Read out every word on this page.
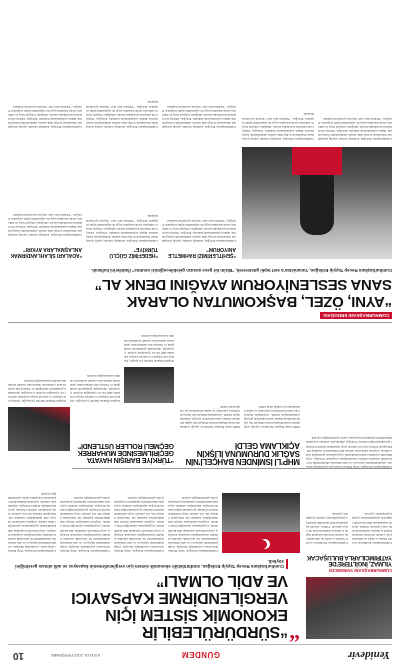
Yenidevir
GÜNDEM
8 EYLÜL 2022 PERŞEMBE
10
CUMHURBAŞKANI YARDIMCISI
YILMAZ, İNGİLTERE’DE YATIRIMCILARLA BULUŞACAK
Cumhurbaşkanı Yardımcısı Cevdet Yılmaz, Londra’da düzenlenecek yatırım zirvesine katılarak İngiliz iş dünyası temsilcileriyle bir araya gelecek. Yılmaz, ziyareti kapsamında ikili ekonomik ilişkilerin geliştirilmesine yönelik görüşmeler yapacak.
Cumhurbaşkanı Yardımcısı Cevdet Yılmaz, Londra’da düzenlenecek yatırım zirvesine katılarak İngiliz iş dünyası temsilcileriyle bir araya gelecek. Yılmaz, ziyareti kapsamında ikili ekonomik ilişkilerin geliştirilmesine yönelik görüşmeler yapacak.
“
“SÜRDÜRÜLEBİLİR
EKONOMİK SİSTEM İÇİN
VERGİLENDİRME KAPSAYICI
VE ADİL OLMALI”
Cumhurbaşkanı Recep Tayyip Erdoğan, sürdürülebilir ekonomik sistem için vergilendirmenin kapsayıcı ve adil olması gerektiğini söyledi.
Cumhurbaşkanı Erdoğan, Vergi Haftası dolayısıyla yayımladığı mesajda, vergilendirmenin kapsayıcı ve adil olmasının sürdürülebilir bir ekonomik sistemin temelini oluşturduğunu vurguladı. Erdoğan, vergi bilincinin toplumun tüm kesimlerinde yaygınlaşması gerektiğini ifade ederek, vergisini zamanında ödeyen tüm mükelleflere teşekkür etti. Mesajında Türkiye’nin son yıllarda vergi sisteminde önemli reformlar gerçekleştirdiğini belirten Erdoğan, dijitalleşme adımları sayesinde mükelleflerin işlemlerini kolaylıkla yerine getirebildiğini söyledi.
Cumhurbaşkanı Erdoğan, Vergi Haftası dolayısıyla yayımladığı mesajda, vergilendirmenin kapsayıcı ve adil olmasının sürdürülebilir bir ekonomik sistemin temelini oluşturduğunu vurguladı. Erdoğan, vergi bilincinin toplumun tüm kesimlerinde yaygınlaşması gerektiğini ifade ederek, vergisini zamanında ödeyen tüm mükelleflere teşekkür etti. Mesajında Türkiye’nin son yıllarda vergi sisteminde önemli reformlar gerçekleştirdiğini belirten Erdoğan, dijitalleşme adımları sayesinde mükelleflerin işlemlerini kolaylıkla yerine getirebildiğini söyledi.
Cumhurbaşkanı Erdoğan, Vergi Haftası dolayısıyla yayımladığı mesajda, vergilendirmenin kapsayıcı ve adil olmasının sürdürülebilir bir ekonomik sistemin temelini oluşturduğunu vurguladı. Erdoğan, vergi bilincinin toplumun tüm kesimlerinde yaygınlaşması gerektiğini ifade ederek, vergisini zamanında ödeyen tüm mükelleflere teşekkür etti. Mesajında Türkiye’nin son yıllarda vergi sisteminde önemli reformlar gerçekleştirdiğini belirten Erdoğan, dijitalleşme adımları sayesinde mükelleflerin işlemlerini kolaylıkla yerine getirebildiğini söyledi.
Cumhurbaşkanı Erdoğan, Vergi Haftası dolayısıyla yayımladığı mesajda, vergilendirmenin kapsayıcı ve adil olmasının sürdürülebilir bir ekonomik sistemin temelini oluşturduğunu vurguladı. Erdoğan, vergi bilincinin toplumun tüm kesimlerinde yaygınlaşması gerektiğini ifade ederek, vergisini zamanında ödeyen tüm mükelleflere teşekkür etti. Mesajında Türkiye’nin son yıllarda vergi sisteminde önemli reformlar gerçekleştirdiğini belirten Erdoğan, dijitalleşme adımları sayesinde mükelleflerin işlemlerini kolaylıkla yerine getirebildiğini söyledi.
MHP’Lİ İSMİNDEN BAHÇELİ’NİN SAĞLIK DURUMUNA İLİŞKİN AÇIKLAMA GELDİ
MHP Genel Başkan Yardımcısı yaptığı açıklamada Genel Başkan Devlet Bahçeli’nin sağlık durumuna ilişkin çıkan haberlerin gerçeği yansıtmadığını belirtti. Açıklamada Bahçeli’nin rutin kontrollerini yaptırdığı ve sağlık durumunun iyi olduğu ifade edildi.
MHP Genel Başkan Yardımcısı yaptığı açıklamada Genel Başkan Devlet Bahçeli’nin sağlık durumuna ilişkin çıkan haberlerin gerçeği yansıtmadığını belirtti. Açıklamada Bahçeli’nin rutin kontrollerini yaptırdığı ve sağlık durumunun iyi olduğu ifade edildi.
Cumhurbaşkanı Erdoğan, Vergi Haftası dolayısıyla yayımladığı mesajda, vergilendirmenin kapsayıcı ve adil olmasının sürdürülebilir bir ekonomik sistemin temelini oluşturduğunu vurguladı. Erdoğan, vergi bilincinin toplumun tüm kesimlerinde yaygınlaşması gerektiğini ifade ederek, vergisini zamanında ödeyen tüm mükelleflere teşekkür etti. Mesajında Türkiye’nin son yıllarda vergi sisteminde önemli reformlar gerçekleştirdiğini belirten Erdoğan, dijitalleşme adımları sayesinde mükelleflerin işlemlerini kolaylıkla yerine getirebildiğini söyledi.
“TÜRKİYE BARIŞIN HAYATA GEÇİRİLMESİNDE MUHARREK GEÇMELİ ROLLER ÜSTLENDİ”
Dışişleri Bakanı Mevlüt Çavuşoğlu, Türkiye’nin bölgesel ve küresel barışın tesisinde aktif bir rol oynadığını söyledi. Çavuşoğlu, diplomatik girişimlerin sürdüğünü ve Türkiye’nin arabuluculuk çabalarının uluslararası toplum tarafından takdirle karşılandığını belirtti.
Dışişleri Bakanı Mevlüt Çavuşoğlu, Türkiye’nin bölgesel ve küresel barışın tesisinde aktif bir rol oynadığını söyledi. Çavuşoğlu, diplomatik girişimlerin sürdüğünü ve Türkiye’nin arabuluculuk çabalarının uluslararası toplum tarafından takdirle karşılandığını belirtti.
Dışişleri Bakanı Mevlüt Çavuşoğlu, Türkiye’nin bölgesel ve küresel barışın tesisinde aktif bir rol oynadığını söyledi. Çavuşoğlu, diplomatik girişimlerin sürdüğünü ve Türkiye’nin arabuluculuk çabalarının uluslararası toplum tarafından takdirle karşılandığını belirtti.
CUMHURBAŞKANI ERDOĞAN:
“AYNI, ÖZEL, BAŞKOMUTAN OLARAK
SANA SESLENİYORUM AYAĞINI DENK AL”
Cumhurbaşkanı Recep Tayyip Erdoğan, Yunanistan’a sert tepki göstererek, “Bizim bir gece ansızın gelebileceğimizi unutma” ifadelerini kullandı.
“ŞEHİTLERİMİZİ RAHMETLE ANIYORUM”
Cumhurbaşkanı Erdoğan, katıldığı törende yaptığı konuşmada Yunanistan’ın Ege’deki adaları silahlandırma faaliyetlerine ilişkin açıklamalarda bulundu. Erdoğan, Türkiye’nin haklarını korumakta kararlı olduğunu, bölgede barış ve istikrarın ancak karşılıklı saygı ile sağlanabileceğini vurguladı. Erdoğan, “Tarihten ders alın” diyerek uyarılarda bulundu.
“HEDEFİMİZ GÜÇLÜ TÜRKİYE”
Cumhurbaşkanı Erdoğan, katıldığı törende yaptığı konuşmada Yunanistan’ın Ege’deki adaları silahlandırma faaliyetlerine ilişkin açıklamalarda bulundu. Erdoğan, Türkiye’nin haklarını korumakta kararlı olduğunu, bölgede barış ve istikrarın ancak karşılıklı saygı ile sağlanabileceğini vurguladı. Erdoğan, “Tarihten ders alın” diyerek uyarılarda bulundu.
“ADALARI SİLAHLANDIRMAK ANLAŞMALARA AYKIRI”
Cumhurbaşkanı Erdoğan, katıldığı törende yaptığı konuşmada Yunanistan’ın Ege’deki adaları silahlandırma faaliyetlerine ilişkin açıklamalarda bulundu. Erdoğan, Türkiye’nin haklarını korumakta kararlı olduğunu, bölgede barış ve istikrarın ancak karşılıklı saygı ile sağlanabileceğini vurguladı. Erdoğan, “Tarihten ders alın” diyerek uyarılarda bulundu.
Cumhurbaşkanı Erdoğan, katıldığı törende yaptığı konuşmada Yunanistan’ın Ege’deki adaları silahlandırma faaliyetlerine ilişkin açıklamalarda bulundu. Erdoğan, Türkiye’nin haklarını korumakta kararlı olduğunu, bölgede barış ve istikrarın ancak karşılıklı saygı ile sağlanabileceğini vurguladı. Erdoğan, “Tarihten ders alın” diyerek uyarılarda bulundu.
Cumhurbaşkanı Erdoğan, katıldığı törende yaptığı konuşmada Yunanistan’ın Ege’deki adaları silahlandırma faaliyetlerine ilişkin açıklamalarda bulundu. Erdoğan, Türkiye’nin haklarını korumakta kararlı olduğunu, bölgede barış ve istikrarın ancak karşılıklı saygı ile sağlanabileceğini vurguladı. Erdoğan, “Tarihten ders alın” diyerek uyarılarda bulundu.
Cumhurbaşkanı Erdoğan, katıldığı törende yaptığı konuşmada Yunanistan’ın Ege’deki adaları silahlandırma faaliyetlerine ilişkin açıklamalarda bulundu. Erdoğan, Türkiye’nin haklarını korumakta kararlı olduğunu, bölgede barış ve istikrarın ancak karşılıklı saygı ile sağlanabileceğini vurguladı. Erdoğan, “Tarihten ders alın” diyerek uyarılarda bulundu.
Cumhurbaşkanı Erdoğan, katıldığı törende yaptığı konuşmada Yunanistan’ın Ege’deki adaları silahlandırma faaliyetlerine ilişkin açıklamalarda bulundu. Erdoğan, Türkiye’nin haklarını korumakta kararlı olduğunu, bölgede barış ve istikrarın ancak karşılıklı saygı ile sağlanabileceğini vurguladı. Erdoğan, “Tarihten ders alın” diyerek uyarılarda bulundu.
Cumhurbaşkanı Erdoğan, katıldığı törende yaptığı konuşmada Yunanistan’ın Ege’deki adaları silahlandırma faaliyetlerine ilişkin açıklamalarda bulundu. Erdoğan, Türkiye’nin haklarını korumakta kararlı olduğunu, bölgede barış ve istikrarın ancak karşılıklı saygı ile sağlanabileceğini vurguladı. Erdoğan, “Tarihten ders alın” diyerek uyarılarda bulundu.
